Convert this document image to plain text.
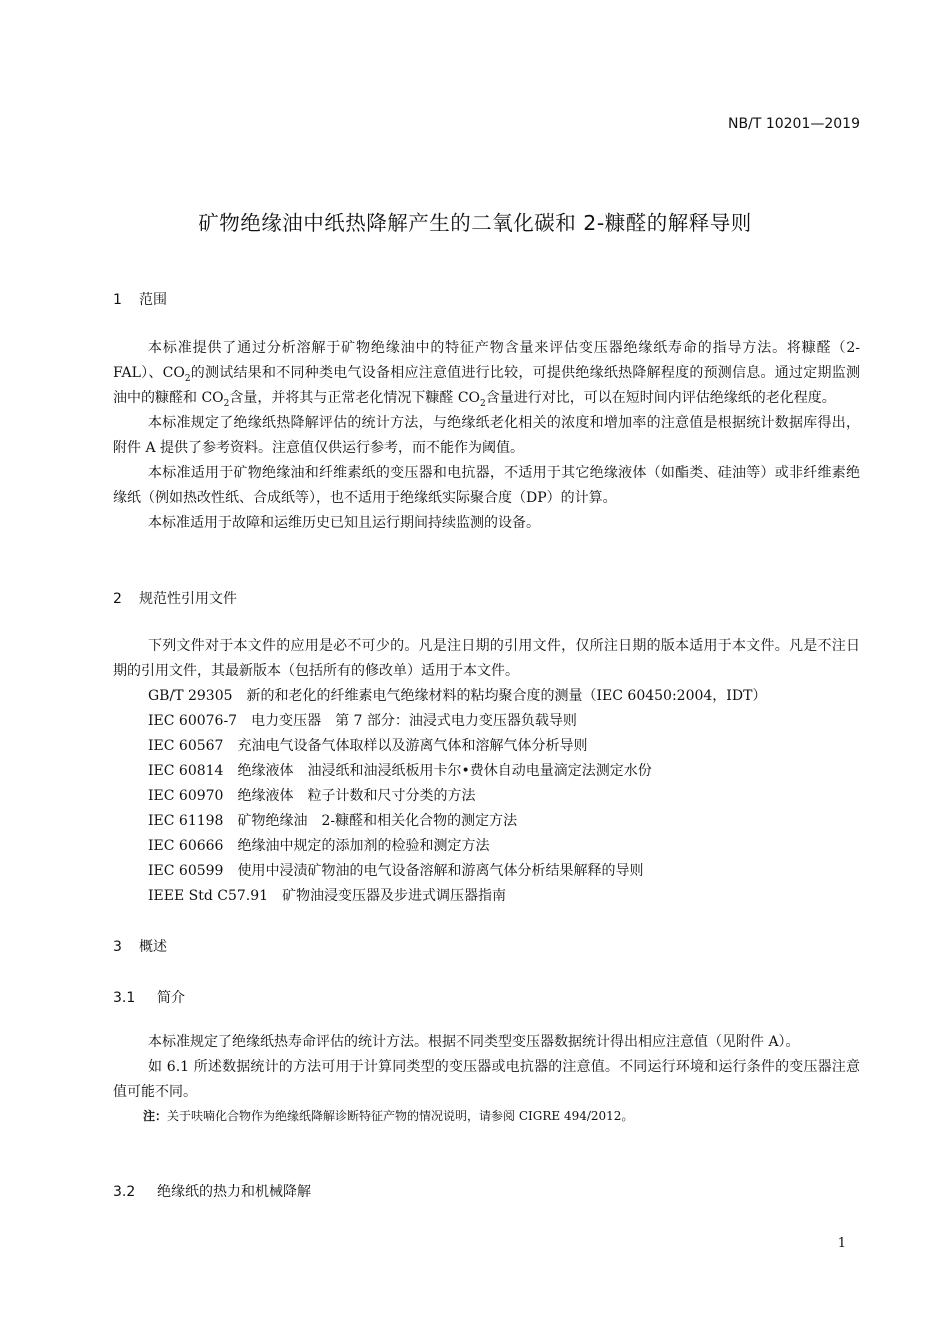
NB/T 10201—2019
矿物绝缘油中纸热降解产生的二氧化碳和 2-糠醛的解释导则
1 范围

本标准提供了通过分析溶解于矿物绝缘油中的特征产物含量来评估变压器绝缘纸寿命的指导方法。将糠醛（2-FAL）、$CO_2$的测试结果和不同种类电气设备相应注意值进行比较，可提供绝缘纸热降解程度的预测信息。通过定期监测油中的糠醛和 $CO_2$含量，并将其与正常老化情况下糠醛 $CO_2$含量进行对比，可以在短时间内评估绝缘纸的老化程度。

本标准规定了绝缘纸热降解评估的统计方法，与绝缘纸老化相关的浓度和增加率的注意值是根据统计数据库得出，附件 A 提供了参考资料。注意值仅供运行参考，而不能作为阈值。

本标准适用于矿物绝缘油和纤维素纸的变压器和电抗器，不适用于其它绝缘液体（如酯类、硅油等）或非纤维素绝缘纸（例如热改性纸、合成纸等），也不适用于绝缘纸实际聚合度（DP）的计算。

本标准适用于故障和运维历史已知且运行期间持续监测的设备。

2 规范性引用文件

下列文件对于本文件的应用是必不可少的。凡是注日期的引用文件，仅所注日期的版本适用于本文件。凡是不注日期的引用文件，其最新版本（包括所有的修改单）适用于本文件。

GB/T 29305 新的和老化的纤维素电气绝缘材料的粘均聚合度的测量（IEC 60450:2004，IDT）

IEC 60076-7 电力变压器　第 7 部分：油浸式电力变压器负载导则

IEC 60567 充油电气设备气体取样以及游离气体和溶解气体分析导则

IEC 60814 绝缘液体　油浸纸和油浸纸板用卡尔•费休自动电量滴定法测定水份

IEC 60970 绝缘液体　粒子计数和尺寸分类的方法

IEC 61198 矿物绝缘油　2-糠醛和相关化合物的测定方法

IEC 60666 绝缘油中规定的添加剂的检验和测定方法

IEC 60599 使用中浸渍矿物油的电气设备溶解和游离气体分析结果解释的导则

IEEE Std C57.91 矿物油浸变压器及步进式调压器指南

3 概述
3.1 简介

本标准规定了绝缘纸热寿命评估的统计方法。根据不同类型变压器数据统计得出相应注意值（见附件 A）。

如 6.1 所述数据统计的方法可用于计算同类型的变压器或电抗器的注意值。不同运行环境和运行条件的变压器注意值可能不同。

注：关于呋喃化合物作为绝缘纸降解诊断特征产物的情况说明，请参阅 CIGRE 494/2012。

3.2 绝缘纸的热力和机械降解
1
